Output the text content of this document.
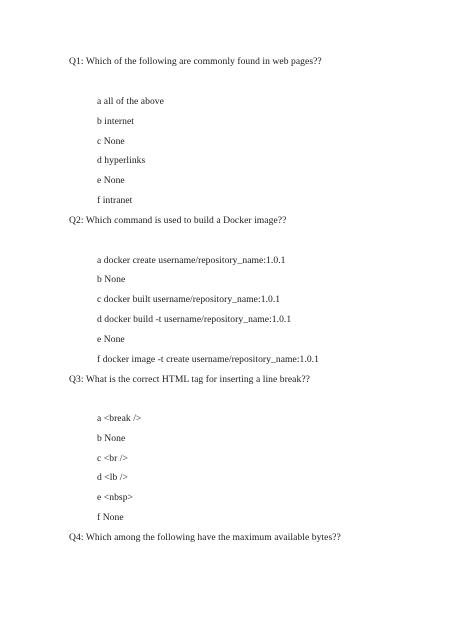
Q1: Which of the following are commonly found in web pages??
a all of the above
b internet
c None
d hyperlinks
e None
f intranet
Q2: Which command is used to build a Docker image??
a docker create username/repository_name:1.0.1
b None
c docker built username/repository_name:1.0.1
d docker build -t username/repository_name:1.0.1
e None
f docker image -t create username/repository_name:1.0.1
Q3: What is the correct HTML tag for inserting a line break??
a <break />
b None
c <br />
d <lb />
e <nbsp>
f None
Q4: Which among the following have the maximum available bytes??
